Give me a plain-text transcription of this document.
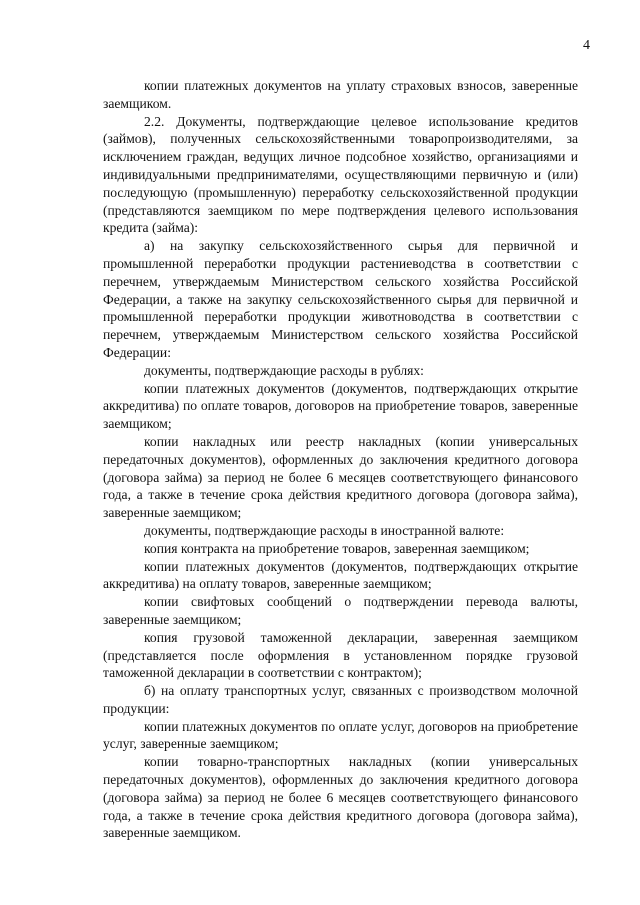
4

копии платежных документов на уплату страховых взносов, заверенные заемщиком.

2.2. Документы, подтверждающие целевое использование кредитов (займов), полученных сельскохозяйственными товаропроизводителями, за исключением граждан, ведущих личное подсобное хозяйство, организациями и индивидуальными предпринимателями, осуществляющими первичную и (или) последующую (промышленную) переработку сельскохозяйственной продукции (представляются заемщиком по мере подтверждения целевого использования кредита (займа):

а) на закупку сельскохозяйственного сырья для первичной и промышленной переработки продукции растениеводства в соответствии с перечнем, утверждаемым Министерством сельского хозяйства Российской Федерации, а также на закупку сельскохозяйственного сырья для первичной и промышленной переработки продукции животноводства в соответствии с перечнем, утверждаемым Министерством сельского хозяйства Российской Федерации:

документы, подтверждающие расходы в рублях:

копии платежных документов (документов, подтверждающих открытие аккредитива) по оплате товаров, договоров на приобретение товаров, заверенные заемщиком;

копии накладных или реестр накладных (копии универсальных передаточных документов), оформленных до заключения кредитного договора (договора займа) за период не более 6 месяцев соответствующего финансового года, а также в течение срока действия кредитного договора (договора займа), заверенные заемщиком;

документы, подтверждающие расходы в иностранной валюте:

копия контракта на приобретение товаров, заверенная заемщиком;

копии платежных документов (документов, подтверждающих открытие аккредитива) на оплату товаров, заверенные заемщиком;

копии свифтовых сообщений о подтверждении перевода валюты, заверенные заемщиком;

копия грузовой таможенной декларации, заверенная заемщиком (представляется после оформления в установленном порядке грузовой таможенной декларации в соответствии с контрактом);

б) на оплату транспортных услуг, связанных с производством молочной продукции:

копии платежных документов по оплате услуг, договоров на приобретение услуг, заверенные заемщиком;

копии товарно-транспортных накладных (копии универсальных передаточных документов), оформленных до заключения кредитного договора (договора займа) за период не более 6 месяцев соответствующего финансового года, а также в течение срока действия кредитного договора (договора займа), заверенные заемщиком.
